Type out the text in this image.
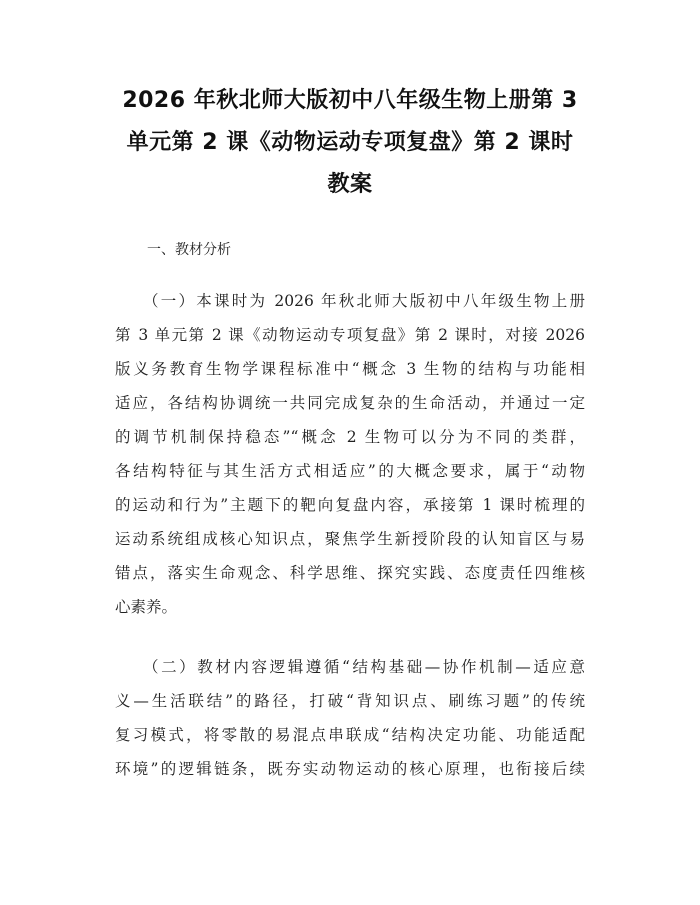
2026 年秋北师大版初中八年级生物上册第 3
单元第 2 课《动物运动专项复盘》第 2 课时
教案

一、教材分析

（一）本课时为 2026 年秋北师大版初中八年级生物上册
第 3 单元第 2 课《动物运动专项复盘》第 2 课时，对接 2026
版义务教育生物学课程标准中“概念 3 生物的结构与功能相
适应，各结构协调统一共同完成复杂的生命活动，并通过一定
的调节机制保持稳态”“概念 2 生物可以分为不同的类群，
各结构特征与其生活方式相适应”的大概念要求，属于“动物
的运动和行为”主题下的靶向复盘内容，承接第 1 课时梳理的
运动系统组成核心知识点，聚焦学生新授阶段的认知盲区与易
错点，落实生命观念、科学思维、探究实践、态度责任四维核
心素养。
（二）教材内容逻辑遵循“结构基础—协作机制—适应意
义—生活联结”的路径，打破“背知识点、刷练习题”的传统
复习模式，将零散的易混点串联成“结构决定功能、功能适配
环境”的逻辑链条，既夯实动物运动的核心原理，也衔接后续
